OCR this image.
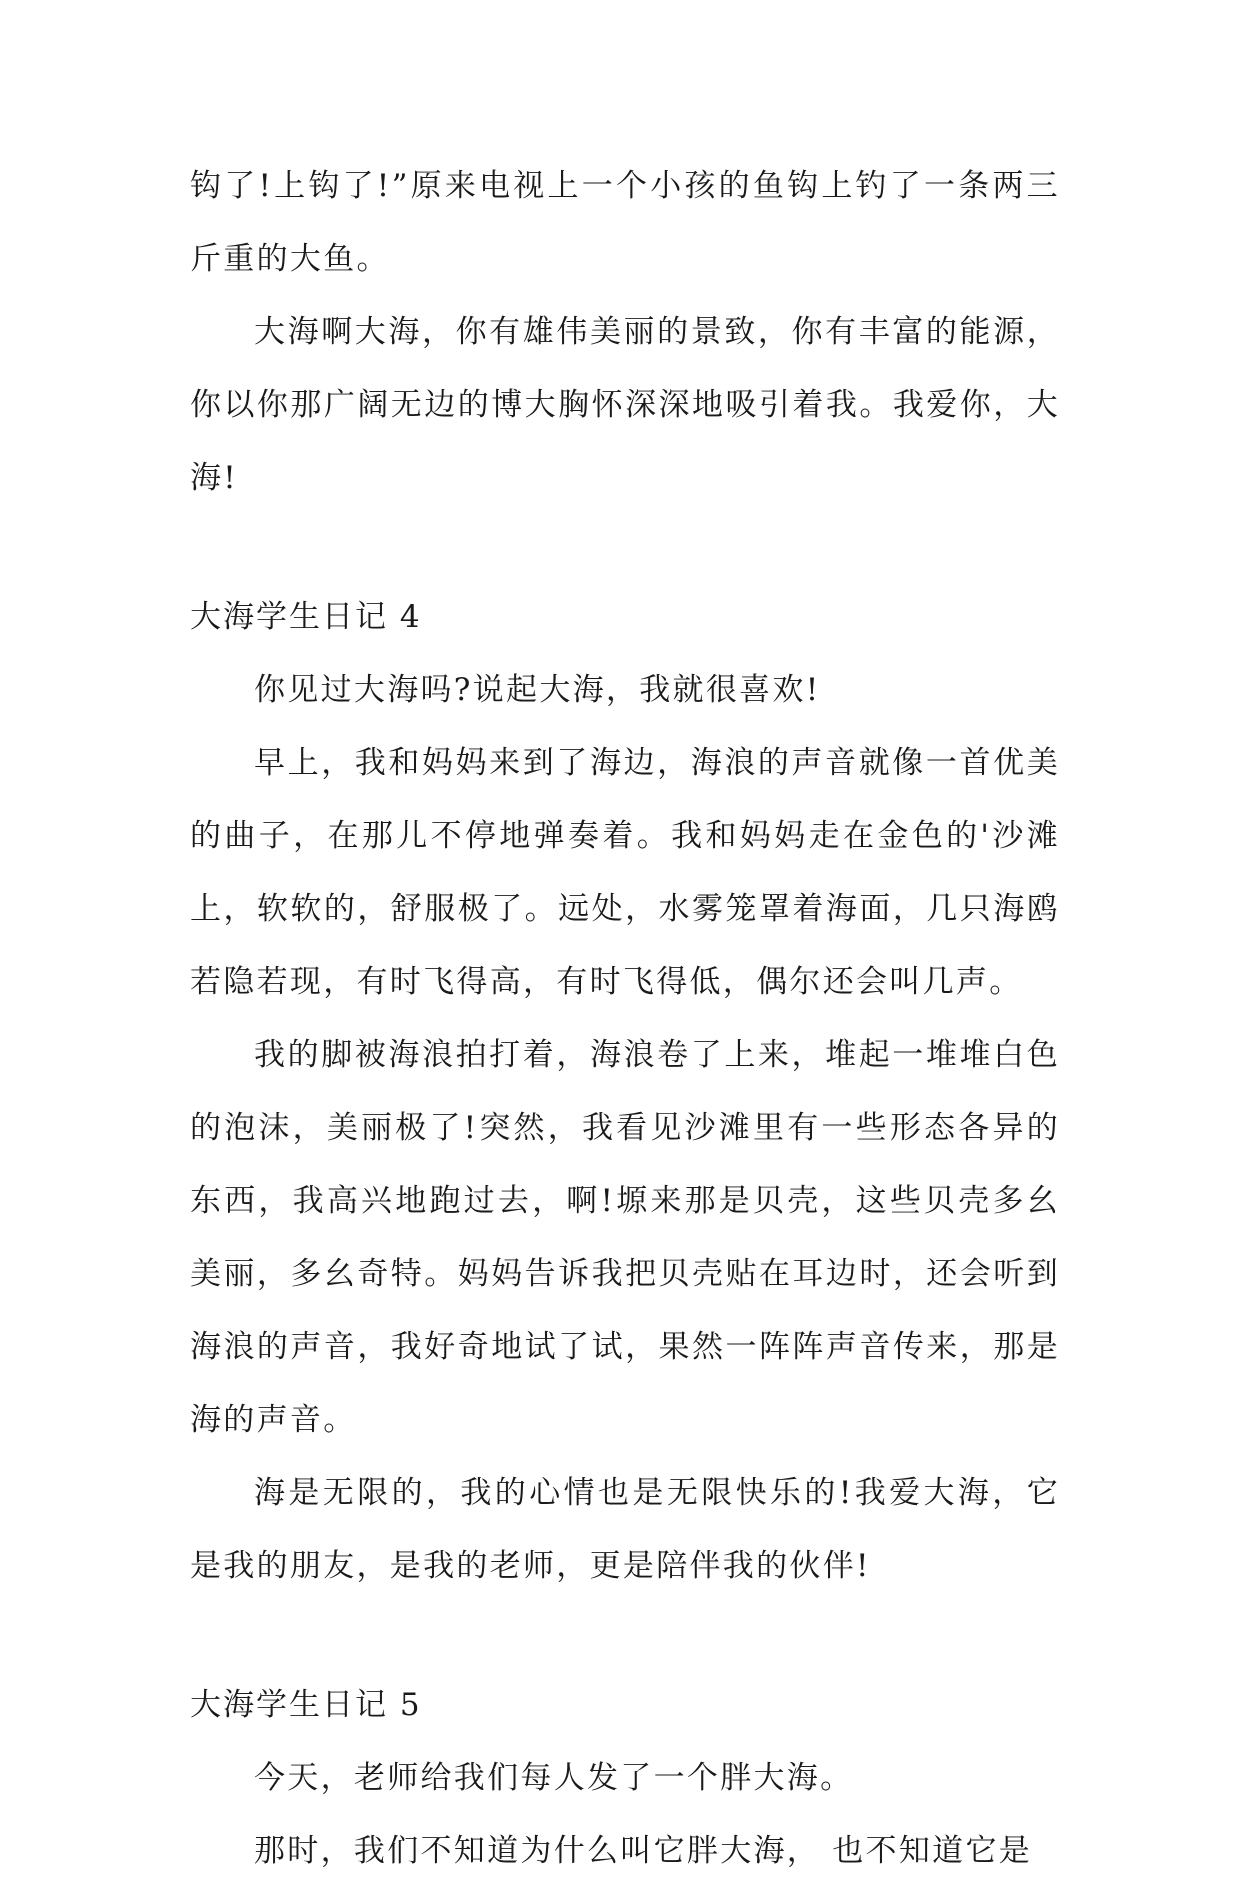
钩了!上钩了!”原来电视上一个小孩的鱼钩上钓了一条两三斤重的大鱼。

大海啊大海，你有雄伟美丽的景致，你有丰富的能源，你以你那广阔无边的博大胸怀深深地吸引着我。我爱你，大海!

大海学生日记 4

你见过大海吗?说起大海，我就很喜欢!

早上，我和妈妈来到了海边，海浪的声音就像一首优美的曲子，在那儿不停地弹奏着。我和妈妈走在金色的'沙滩上，软软的，舒服极了。远处，水雾笼罩着海面，几只海鸥若隐若现，有时飞得高，有时飞得低，偶尔还会叫几声。

我的脚被海浪拍打着，海浪卷了上来，堆起一堆堆白色的泡沫，美丽极了!突然，我看见沙滩里有一些形态各异的东西，我高兴地跑过去，啊!塬来那是贝壳，这些贝壳多幺美丽，多幺奇特。妈妈告诉我把贝壳贴在耳边时，还会听到海浪的声音，我好奇地试了试，果然一阵阵声音传来，那是海的声音。

海是无限的，我的心情也是无限快乐的!我爱大海，它是我的朋友，是我的老师，更是陪伴我的伙伴!

大海学生日记 5

今天，老师给我们每人发了一个胖大海。

那时，我们不知道为什么叫它胖大海， 也不知道它是
